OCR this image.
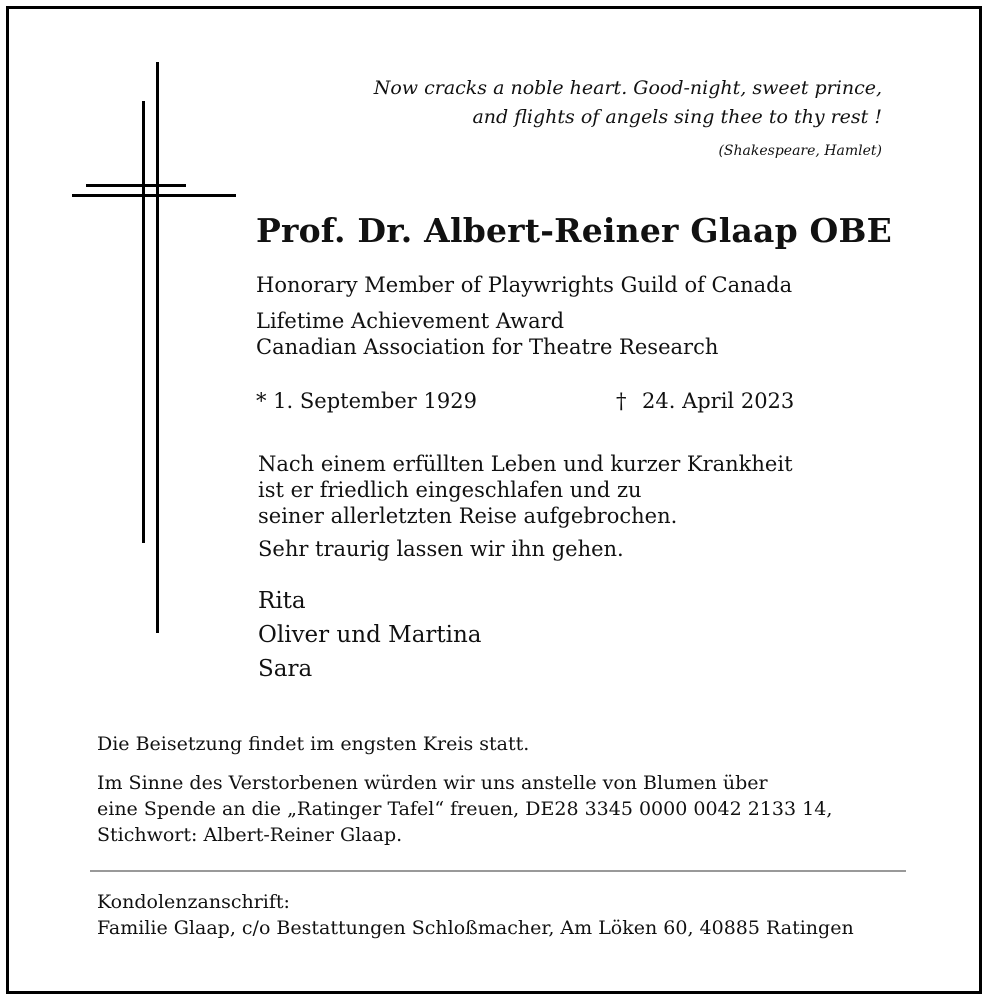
Now cracks a noble heart. Good-night, sweet prince,
and flights of angels sing thee to thy rest !
(Shakespeare, Hamlet)
Prof. Dr. Albert-Reiner Glaap OBE
Honorary Member of Playwrights Guild of Canada
Lifetime Achievement Award
Canadian Association for Theatre Research
* 1. September 1929	† 24. April 2023
Nach einem erfüllten Leben und kurzer Krankheit
ist er friedlich eingeschlafen und zu
seiner allerletzten Reise aufgebrochen.
Sehr traurig lassen wir ihn gehen.
Rita
Oliver und Martina
Sara
Die Beisetzung findet im engsten Kreis statt.
Im Sinne des Verstorbenen würden wir uns anstelle von Blumen über
eine Spende an die „Ratinger Tafel“ freuen, DE28 3345 0000 0042 2133 14,
Stichwort: Albert-Reiner Glaap.
Kondolenzanschrift:
Familie Glaap, c/o Bestattungen Schloßmacher, Am Löken 60, 40885 Ratingen
